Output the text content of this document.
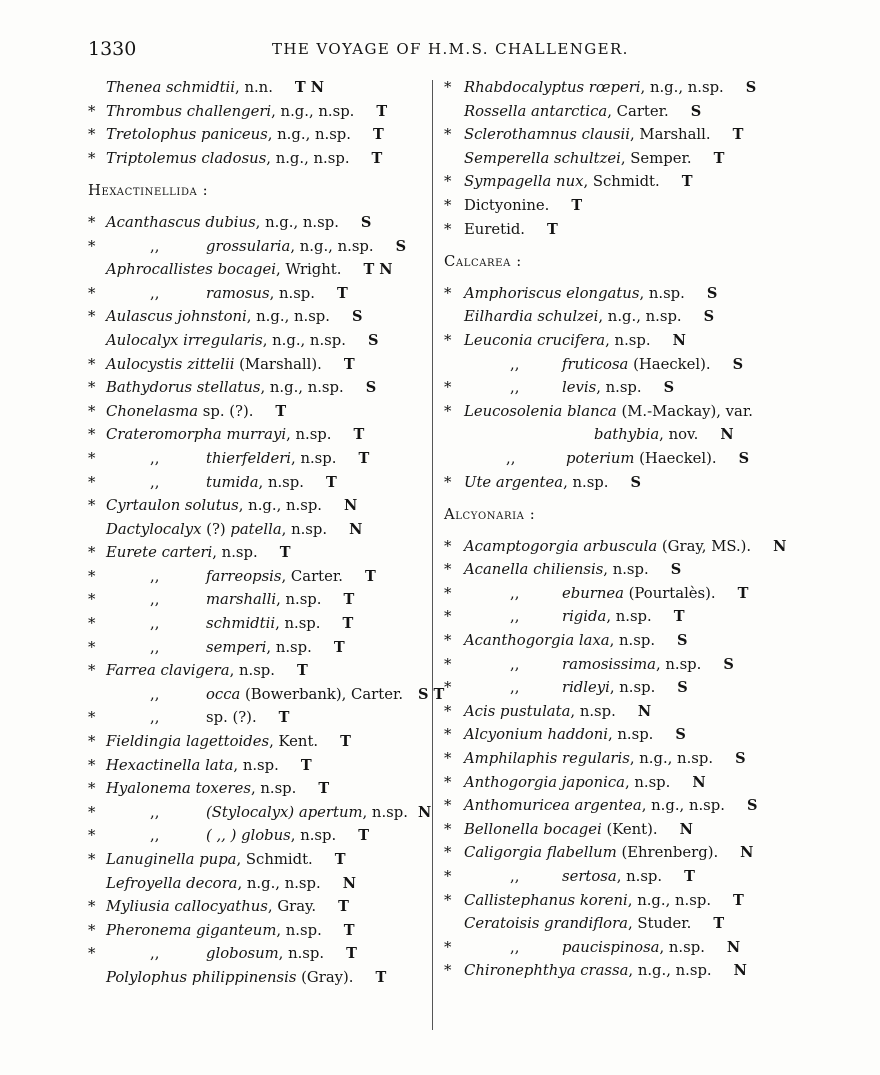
1330	THE VOYAGE OF H.M.S. CHALLENGER.
Thenea schmidtii, n.n. T N
* Thrombus challengeri, n.g., n.sp. T
* Tretolophus paniceus, n.g., n.sp. T
* Triptolemus cladosus, n.g., n.sp. T
Hexactinellida :
* Acanthascus dubius, n.g., n.sp. S
*	,,	grossularia, n.g., n.sp. S
Aphrocallistes bocagei, Wright. T N
*	,,	ramosus, n.sp. T
* Aulascus johnstoni, n.g., n.sp. S
Aulocalyx irregularis, n.g., n.sp. S
* Aulocystis zittelii (Marshall). T
* Bathydorus stellatus, n.g., n.sp. S
* Chonelasma sp. (?). T
* Crateromorpha murrayi, n.sp. T
*	,,	thierfelderi, n.sp. T
*	,,	tumida, n.sp. T
* Cyrtaulon solutus, n.g., n.sp. N
Dactylocalyx (?) patella, n.sp. N
* Eurete carteri, n.sp. T
*	,,	farreopsis, Carter. T
*	,,	marshalli, n.sp. T
*	,,	schmidtii, n.sp. T
*	,,	semperi, n.sp. T
* Farrea clavigera, n.sp. T
,,	occa (Bowerbank), Carter. S T
*	,,	sp. (?). T
* Fieldingia lagettoides, Kent. T
* Hexactinella lata, n.sp. T
* Hyalonema toxeres, n.sp. T
*	,,	(Stylocalyx) apertum, n.sp. N
*	,,	( ,, ) globus, n.sp. T
* Lanuginella pupa, Schmidt. T
Lefroyella decora, n.g., n.sp. N
* Myliusia callocyathus, Gray. T
* Pheronema giganteum, n.sp. T
*	,,	globosum, n.sp. T
Polylophus philippinensis (Gray). T
* Rhabdocalyptus rœperi, n.g., n.sp. S
Rossella antarctica, Carter. S
* Sclerothamnus clausii, Marshall. T
Semperella schultzei, Semper. T
* Sympagella nux, Schmidt. T
* Dictyonine. T
* Euretid. T
Calcarea :
* Amphoriscus elongatus, n.sp. S
Eilhardia schulzei, n.g., n.sp. S
* Leuconia crucifera, n.sp. N
,,	fruticosa (Haeckel). S
*	,,	levis, n.sp. S
* Leucosolenia blanca (M.-Mackay), var.
bathybia, nov. N
,,	poterium (Haeckel). S
* Ute argentea, n.sp. S
Alcyonaria :
* Acamptogorgia arbuscula (Gray, MS.). N
* Acanella chiliensis, n.sp. S
*	,,	eburnea (Pourtalès). T
*	,,	rigida, n.sp. T
* Acanthogorgia laxa, n.sp. S
*	,,	ramosissima, n.sp. S
*	,,	ridleyi, n.sp. S
* Acis pustulata, n.sp. N
* Alcyonium haddoni, n.sp. S
* Amphilaphis regularis, n.g., n.sp. S
* Anthogorgia japonica, n.sp. N
* Anthomuricea argentea, n.g., n.sp. S
* Bellonella bocagei (Kent). N
* Caligorgia flabellum (Ehrenberg). N
*	,,	sertosa, n.sp. T
* Callistephanus koreni, n.g., n.sp. T
Ceratoisis grandiflora, Studer. T
*	,,	paucispinosa, n.sp. N
* Chironephthya crassa, n.g., n.sp. N
